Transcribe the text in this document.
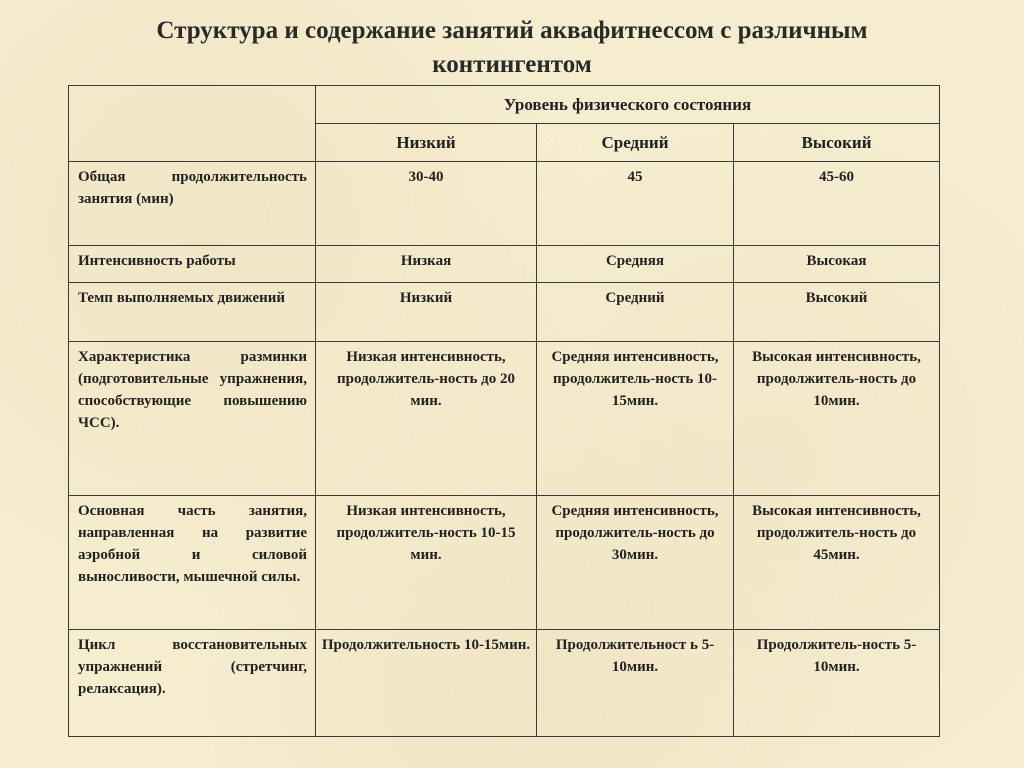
Структура и содержание занятий аквафитнессом с различным
контингентом
	Уровень физического состояния		
	Низкий	Средний	Высокий
Общая продолжительность занятия (мин)	30-40	45	45-60
Интенсивность работы	Низкая	Средняя	Высокая
Темп выполняемых движений	Низкий	Средний	Высокий
Характеристика разминки (подготовительные упражнения, способствующие повышению ЧСС).	Низкая интенсивность, продолжитель-ность до 20 мин.	Средняя интенсивность, продолжитель-ность 10-15мин.	Высокая интенсивность, продолжитель-ность до 10мин.
Основная часть занятия, направленная на развитие аэробной и силовой выносливости, мышечной силы.	Низкая интенсивность, продолжитель-ность 10-15 мин.	Средняя интенсивность, продолжитель-ность до 30мин.	Высокая интенсивность, продолжитель-ность до 45мин.
Цикл восстановительных упражнений (стретчинг, релаксация).	Продолжительность 10-15мин.	Продолжительност ь 5-10мин.	Продолжитель-ность 5-10мин.
